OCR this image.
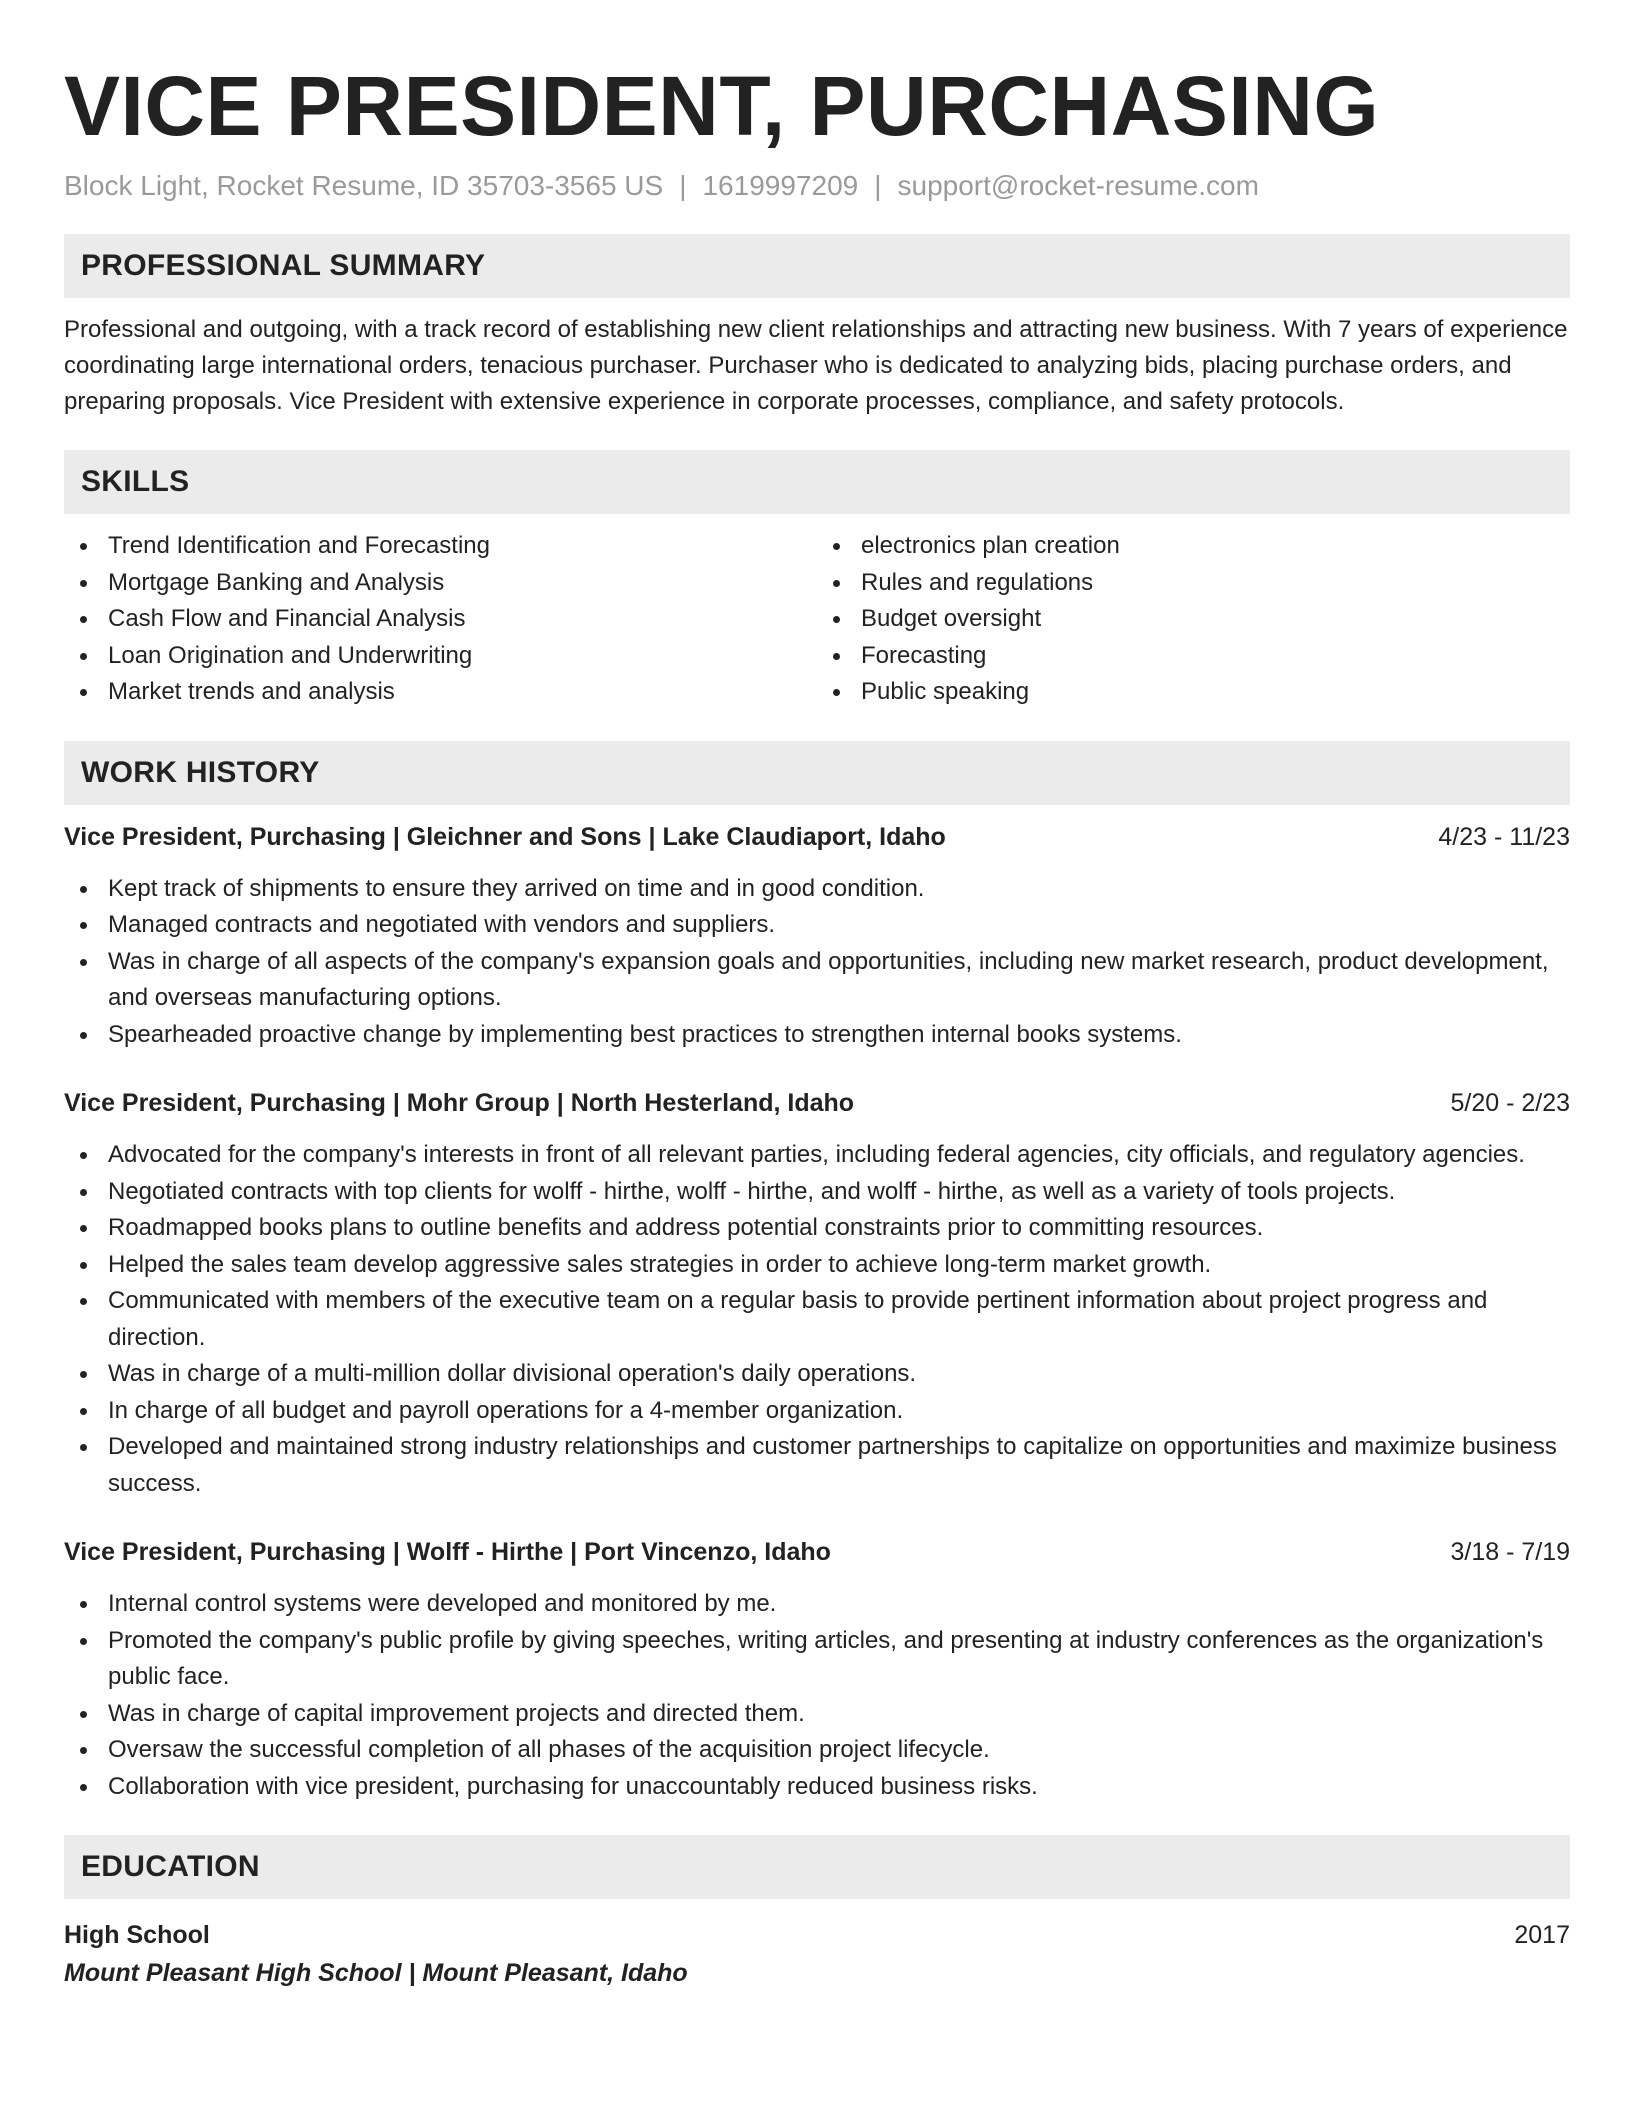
VICE PRESIDENT, PURCHASING
Block Light, Rocket Resume, ID 35703-3565 US | 1619997209 | support@rocket-resume.com
PROFESSIONAL SUMMARY

Professional and outgoing, with a track record of establishing new client relationships and attracting new business. With 7 years of experience coordinating large international orders, tenacious purchaser. Purchaser who is dedicated to analyzing bids, placing purchase orders, and preparing proposals. Vice President with extensive experience in corporate processes, compliance, and safety protocols.

SKILLS
Trend Identification and Forecasting
Mortgage Banking and Analysis
Cash Flow and Financial Analysis
Loan Origination and Underwriting
Market trends and analysis
electronics plan creation
Rules and regulations
Budget oversight
Forecasting
Public speaking
WORK HISTORY
Vice President, Purchasing | Gleichner and Sons | Lake Claudiaport, Idaho	4/23 - 11/23
Kept track of shipments to ensure they arrived on time and in good condition.
Managed contracts and negotiated with vendors and suppliers.
Was in charge of all aspects of the company's expansion goals and opportunities, including new market research, product development, and overseas manufacturing options.
Spearheaded proactive change by implementing best practices to strengthen internal books systems.
Vice President, Purchasing | Mohr Group | North Hesterland, Idaho	5/20 - 2/23
Advocated for the company's interests in front of all relevant parties, including federal agencies, city officials, and regulatory agencies.
Negotiated contracts with top clients for wolff - hirthe, wolff - hirthe, and wolff - hirthe, as well as a variety of tools projects.
Roadmapped books plans to outline benefits and address potential constraints prior to committing resources.
Helped the sales team develop aggressive sales strategies in order to achieve long-term market growth.
Communicated with members of the executive team on a regular basis to provide pertinent information about project progress and direction.
Was in charge of a multi-million dollar divisional operation's daily operations.
In charge of all budget and payroll operations for a 4-member organization.
Developed and maintained strong industry relationships and customer partnerships to capitalize on opportunities and maximize business success.
Vice President, Purchasing | Wolff - Hirthe | Port Vincenzo, Idaho	3/18 - 7/19
Internal control systems were developed and monitored by me.
Promoted the company's public profile by giving speeches, writing articles, and presenting at industry conferences as the organization's public face.
Was in charge of capital improvement projects and directed them.
Oversaw the successful completion of all phases of the acquisition project lifecycle.
Collaboration with vice president, purchasing for unaccountably reduced business risks.
EDUCATION
High School	2017
Mount Pleasant High School | Mount Pleasant, Idaho
